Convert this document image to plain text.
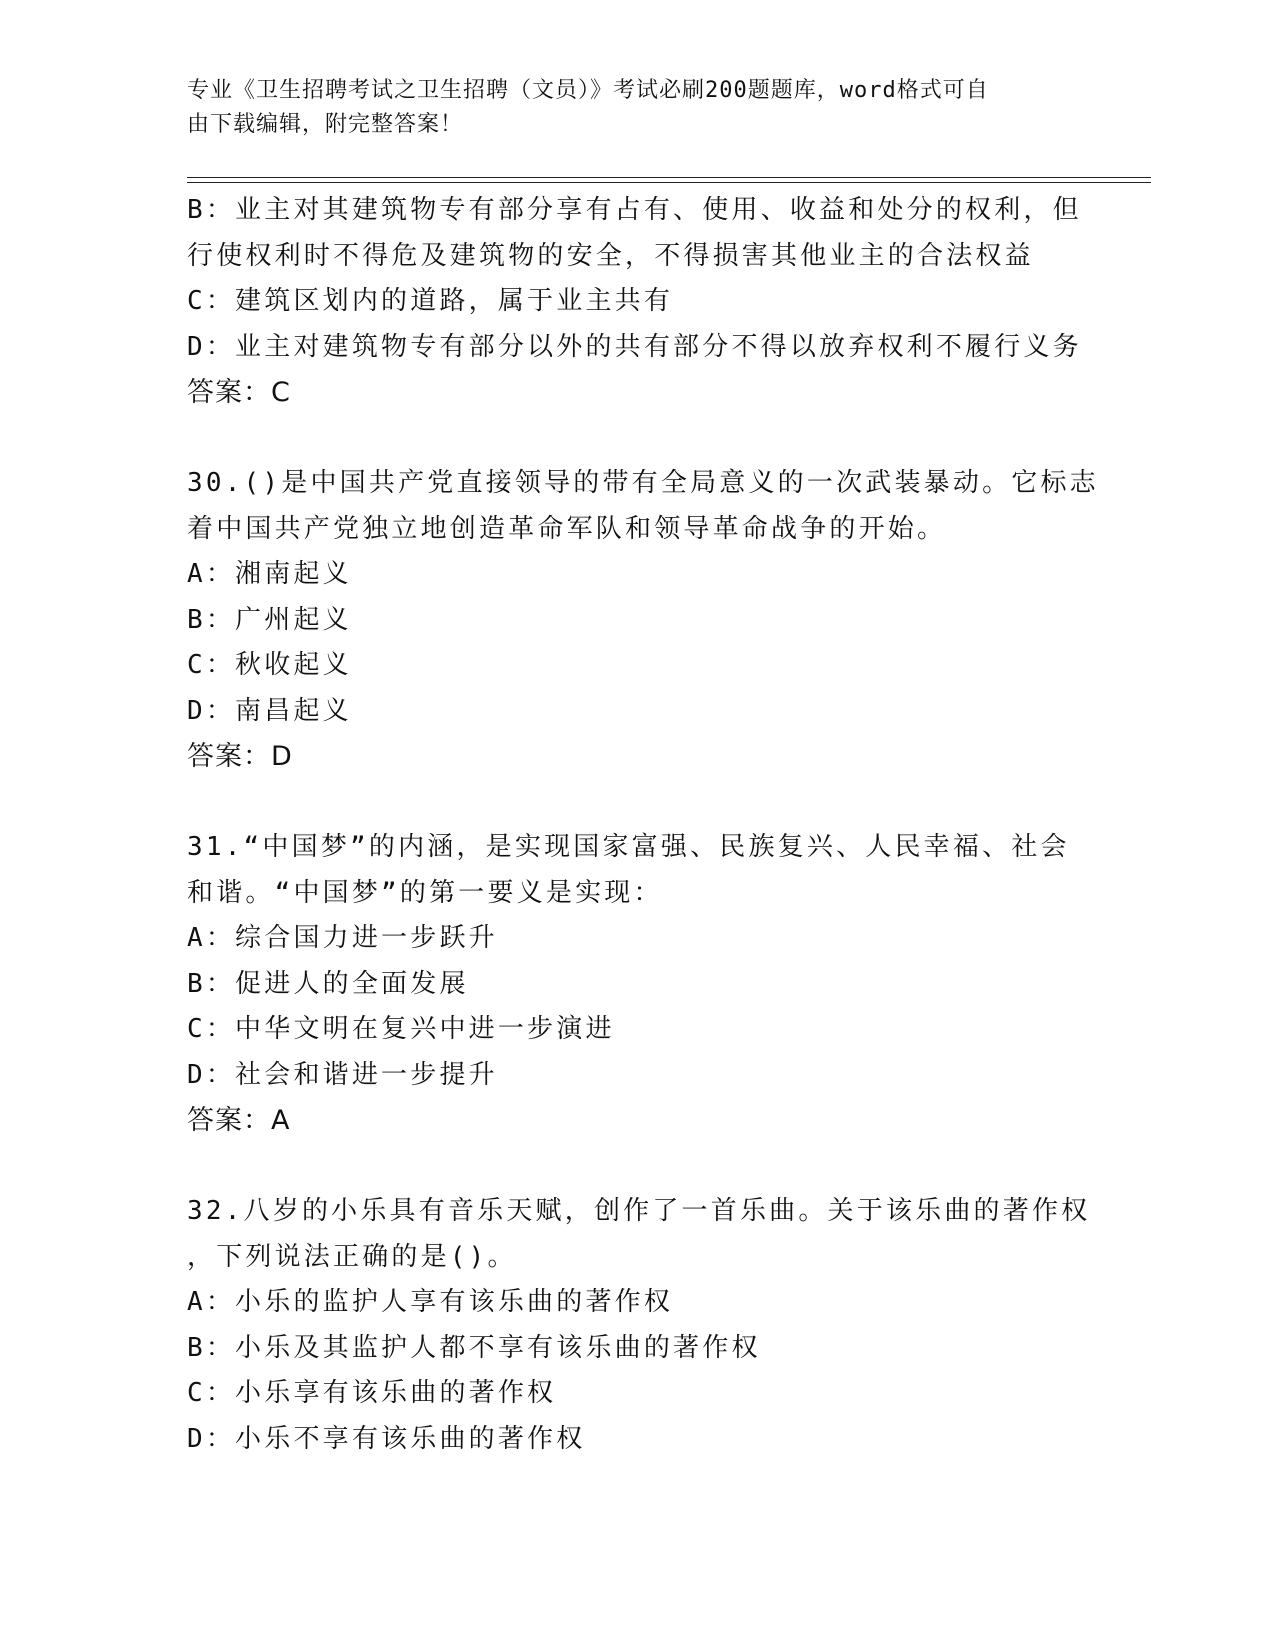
专业《卫生招聘考试之卫生招聘（文员）》考试必刷200题题库，word格式可自
由下载编辑，附完整答案！
B：业主对其建筑物专有部分享有占有、使用、收益和处分的权利，但
行使权利时不得危及建筑物的安全，不得损害其他业主的合法权益
C：建筑区划内的道路，属于业主共有
D：业主对建筑物专有部分以外的共有部分不得以放弃权利不履行义务
答案：C
30.()是中国共产党直接领导的带有全局意义的一次武装暴动。它标志
着中国共产党独立地创造革命军队和领导革命战争的开始。
A：湘南起义
B：广州起义
C：秋收起义
D：南昌起义
答案：D
31.“中国梦”的内涵，是实现国家富强、民族复兴、人民幸福、社会
和谐。“中国梦”的第一要义是实现：
A：综合国力进一步跃升
B：促进人的全面发展
C：中华文明在复兴中进一步演进
D：社会和谐进一步提升
答案：A
32.八岁的小乐具有音乐天赋，创作了一首乐曲。关于该乐曲的著作权
，下列说法正确的是()。
A：小乐的监护人享有该乐曲的著作权
B：小乐及其监护人都不享有该乐曲的著作权
C：小乐享有该乐曲的著作权
D：小乐不享有该乐曲的著作权
